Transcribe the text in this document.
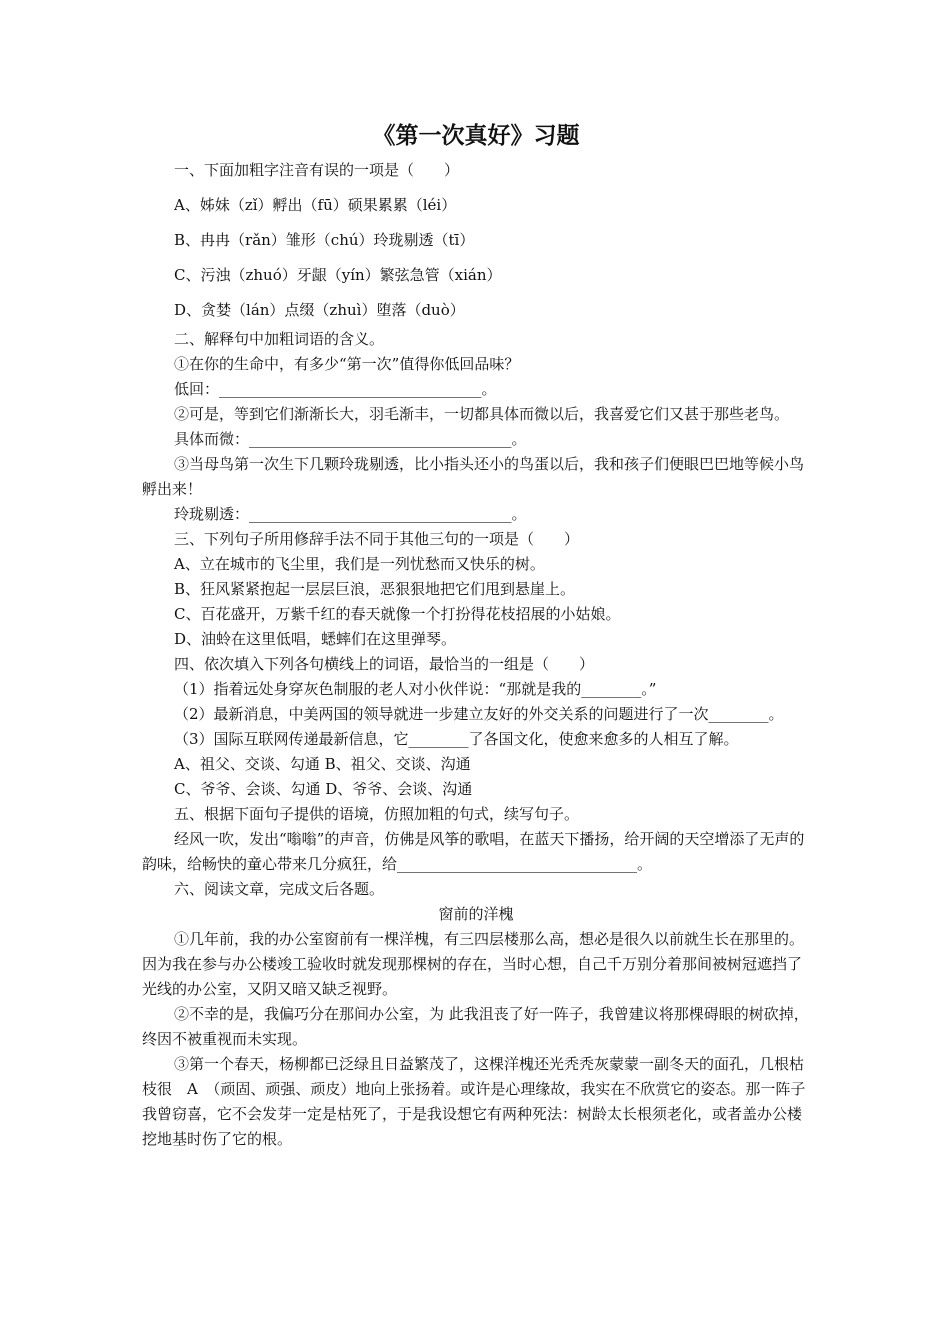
《第一次真好》习题

一、下面加粗字注音有误的一项是（　　）

A、姊妹（zǐ）孵出（fū）硕果累累（léi）

B、冉冉（rǎn）雏形（chú）玲珑剔透（tī）

C、污浊（zhuó）牙龈（yín）繁弦急管（xián）

D、贪婪（lán）点缀（zhuì）堕落（duò）

二、解释句中加粗词语的含义。

①在你的生命中，有多少“第一次”值得你低回品味？

低回：___________________________________。

②可是，等到它们渐渐长大，羽毛渐丰，一切都具体而微以后，我喜爱它们又甚于那些老鸟。

具体而微：___________________________________。

③当母鸟第一次生下几颗玲珑剔透，比小指头还小的鸟蛋以后，我和孩子们便眼巴巴地等候小鸟孵出来！

玲珑剔透：___________________________________。

三、下列句子所用修辞手法不同于其他三句的一项是（　　）

A、立在城市的飞尘里，我们是一列忧愁而又快乐的树。

B、狂风紧紧抱起一层层巨浪，恶狠狠地把它们甩到悬崖上。

C、百花盛开，万紫千红的春天就像一个打扮得花枝招展的小姑娘。

D、油蛉在这里低唱，蟋蟀们在这里弹琴。

四、依次填入下列各句横线上的词语，最恰当的一组是（　　）

（1）指着远处身穿灰色制服的老人对小伙伴说：“那就是我的________。”

（2）最新消息，中美两国的领导就进一步建立友好的外交关系的问题进行了一次________。

（3）国际互联网传递最新信息，它________了各国文化，使愈来愈多的人相互了解。

A、祖父、交谈、勾通 B、祖父、交谈、沟通

C、爷爷、会谈、勾通 D、爷爷、会谈、沟通

五、根据下面句子提供的语境，仿照加粗的句式，续写句子。

经风一吹，发出“嗡嗡”的声音，仿佛是风筝的歌唱，在蓝天下播扬，给开阔的天空增添了无声的韵味，给畅快的童心带来几分疯狂，给________________________________。

六、阅读文章，完成文后各题。

窗前的洋槐

①几年前，我的办公室窗前有一棵洋槐，有三四层楼那么高，想必是很久以前就生长在那里的。因为我在参与办公楼竣工验收时就发现那棵树的存在，当时心想，自己千万别分着那间被树冠遮挡了光线的办公室，又阴又暗又缺乏视野。

②不幸的是，我偏巧分在那间办公室，为 此我沮丧了好一阵子，我曾建议将那棵碍眼的树砍掉，终因不被重视而未实现。

③第一个春天，杨柳都已泛绿且日益繁茂了，这棵洋槐还光秃秃灰蒙蒙一副冬天的面孔，几根枯枝很　A　（顽固、顽强、顽皮）地向上张扬着。或许是心理缘故，我实在不欣赏它的姿态。那一阵子我曾窃喜，它不会发芽一定是枯死了，于是我设想它有两种死法：树龄太长根须老化，或者盖办公楼挖地基时伤了它的根。
